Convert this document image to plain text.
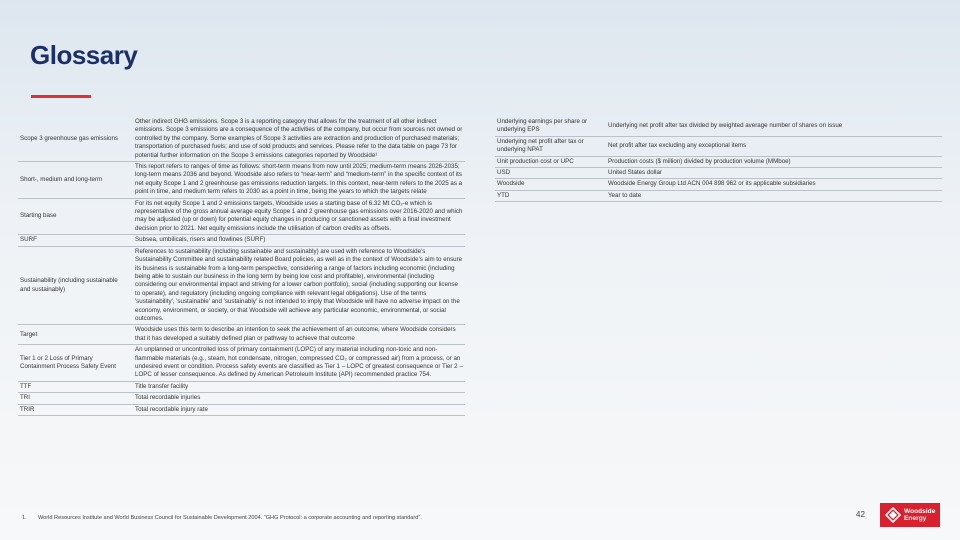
Glossary
Scope 3 greenhouse gas emissions	Other indirect GHG emissions. Scope 3 is a reporting category that allows for the treatment of all other indirect emissions. Scope 3 emissions are a consequence of the activities of the company, but occur from sources not owned or controlled by the company. Some examples of Scope 3 activities are extraction and production of purchased materials; transportation of purchased fuels; and use of sold products and services. Please refer to the data table on page 73 for potential further information on the Scope 3 emissions categories reported by Woodside¹
Short-, medium and long-term	This report refers to ranges of time as follows: short-term means from now until 2025; medium-term means 2026-2035; long-term means 2036 and beyond. Woodside also refers to “near-term” and “medium-term” in the specific context of its net equity Scope 1 and 2 greenhouse gas emissions reduction targets. In this context, near-term refers to the 2025 as a point in time, and medium term refers to 2030 as a point in time, being the years to which the targets relate
Starting base	For its net equity Scope 1 and 2 emissions targets, Woodside uses a starting base of 6.32 Mt CO₂-e which is representative of the gross annual average equity Scope 1 and 2 greenhouse gas emissions over 2016-2020 and which may be adjusted (up or down) for potential equity changes in producing or sanctioned assets with a final investment decision prior to 2021. Net equity emissions include the utilisation of carbon credits as offsets.
SURF	Subsea, umbilicals, risers and flowlines (SURF)
Sustainability (including sustainable and sustainably)	References to sustainability (including sustainable and sustainably) are used with reference to Woodside's Sustainability Committee and sustainability related Board policies, as well as in the context of Woodside's aim to ensure its business is sustainable from a long-term perspective, considering a range of factors including economic (including being able to sustain our business in the long term by being low cost and profitable), environmental (including considering our environmental impact and striving for a lower carbon portfolio), social (including supporting our license to operate), and regulatory (including ongoing compliance with relevant legal obligations). Use of the terms 'sustainability', 'sustainable' and 'sustainably' is not intended to imply that Woodside will have no adverse impact on the economy, environment, or society, or that Woodside will achieve any particular economic, environmental, or social outcomes.
Target	Woodside uses this term to describe an intention to seek the achievement of an outcome, where Woodside considers that it has developed a suitably defined plan or pathway to achieve that outcome
Tier 1 or 2 Loss of Primary Containment Process Safety Event	An unplanned or uncontrolled loss of primary containment (LOPC) of any material including non-toxic and non-flammable materials (e.g., steam, hot condensate, nitrogen, compressed CO₂ or compressed air) from a process, or an undesired event or condition. Process safety events are classified as Tier 1 – LOPC of greatest consequence or Tier 2 – LOPC of lesser consequence. As defined by American Petroleum Institute (API) recommended practice 754.
TTF	Title transfer facility
TRI	Total recordable injuries
TRIR	Total recordable injury rate
Underlying earnings per share or underlying EPS	Underlying net profit after tax divided by weighted average number of shares on issue
Underlying net profit after tax or underlying NPAT	Net profit after tax excluding any exceptional items
Unit production cost or UPC	Production costs ($ million) divided by production volume (MMboe)
USD	United States dollar
Woodside	Woodside Energy Group Ltd ACN 004 898 962 or its applicable subsidiaries
YTD	Year to date
1. World Resources Institute and World Business Council for Sustainable Development 2004. “GHG Protocol: a corporate accounting and reporting standard”.	42	Woodside
Energy
